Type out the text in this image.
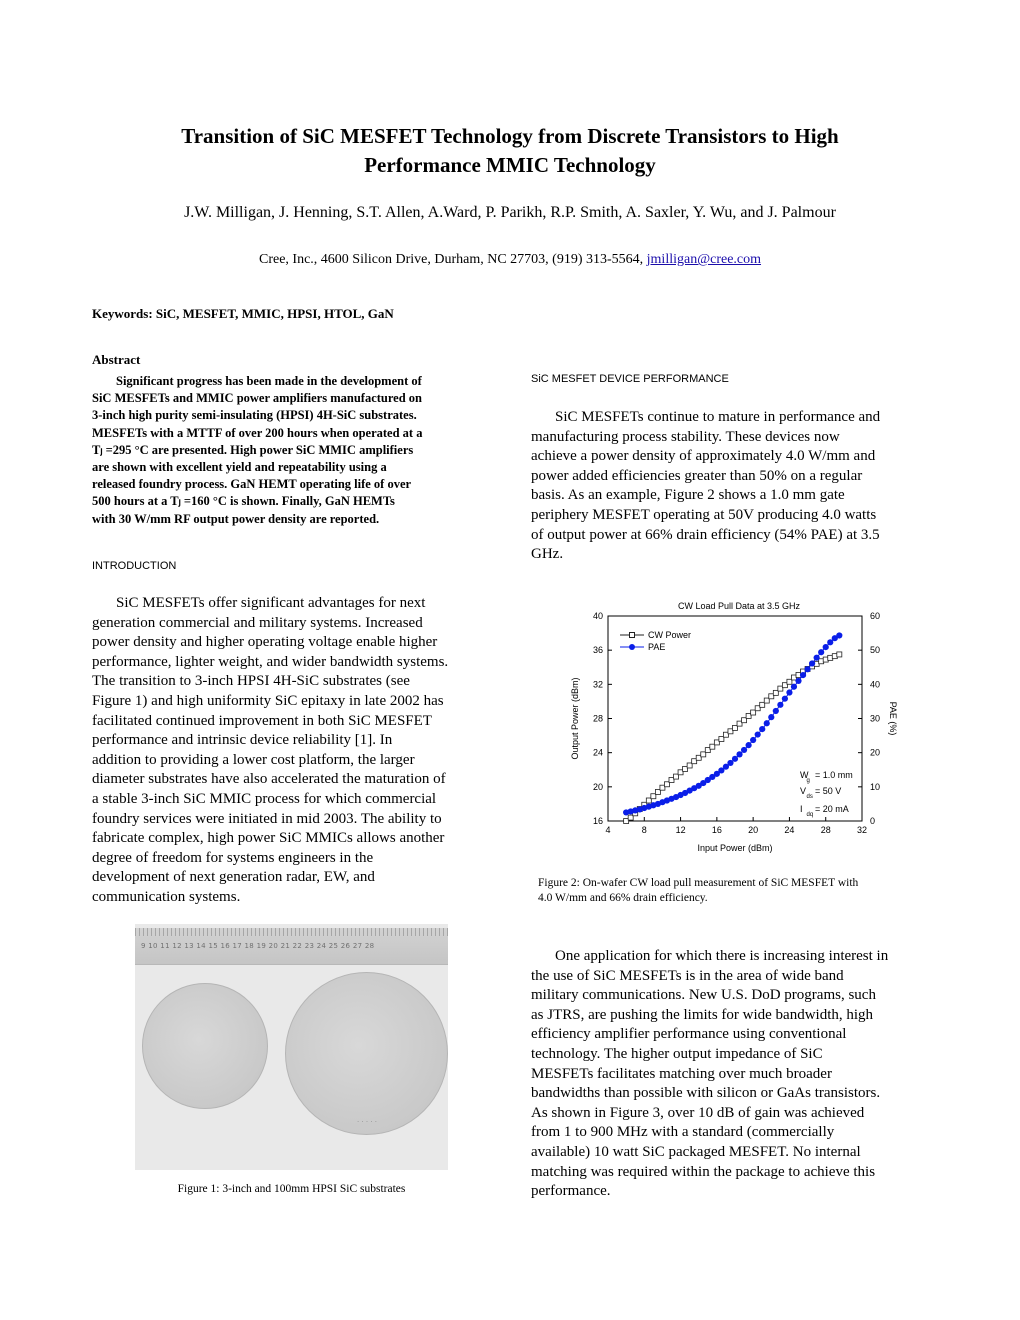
Transition of SiC MESFET Technology from Discrete Transistors to High
Performance MMIC Technology
J.W. Milligan, J. Henning, S.T. Allen, A.Ward, P. Parikh, R.P. Smith, A. Saxler, Y. Wu, and J. Palmour
Cree, Inc., 4600 Silicon Drive, Durham, NC 27703, (919) 313-5564, jmilligan@cree.com
Keywords: SiC, MESFET, MMIC, HPSI, HTOL, GaN
Abstract
Significant progress has been made in the development of
SiC MESFETs and MMIC power amplifiers manufactured on
3-inch high purity semi-insulating (HPSI) 4H-SiC substrates.
MESFETs with a MTTF of over 200 hours when operated at a
Tⱼ =295 °C are presented. High power SiC MMIC amplifiers
are shown with excellent yield and repeatability using a
released foundry process. GaN HEMT operating life of over
500 hours at a Tⱼ =160 °C is shown. Finally, GaN HEMTs
with 30 W/mm RF output power density are reported.
INTRODUCTION
SiC MESFETs offer significant advantages for next
generation commercial and military systems. Increased
power density and higher operating voltage enable higher
performance, lighter weight, and wider bandwidth systems.
The transition to 3-inch HPSI 4H-SiC substrates (see
Figure 1) and high uniformity SiC epitaxy in late 2002 has
facilitated continued improvement in both SiC MESFET
performance and intrinsic device reliability [1]. In
addition to providing a lower cost platform, the larger
diameter substrates have also accelerated the maturation of
a stable 3-inch SiC MMIC process for which commercial
foundry services were initiated in mid 2003. The ability to
fabricate complex, high power SiC MMICs allows another
degree of freedom for systems engineers in the
development of next generation radar, EW, and
communication systems.
9 10 11 12 13 14 15 16 17 18 19 20 21 22 23 24 25 26 27 28
· · · · ·
Figure 1: 3-inch and 100mm HPSI SiC substrates
SiC MESFET DEVICE PERFORMANCE
SiC MESFETs continue to mature in performance and
manufacturing process stability. These devices now
achieve a power density of approximately 4.0 W/mm and
power added efficiencies greater than 50% on a regular
basis. As an example, Figure 2 shows a 1.0 mm gate
periphery MESFET operating at 50V producing 4.0 watts
of output power at 66% drain efficiency (54% PAE) at 3.5
GHz.
CW Load Pull Data at 3.5 GHz
4	8	12	16	20	24	28	32
16
20
24
28
32
36
40
0
10
20
30
40
50
60
Input Power (dBm)
Output Power (dBm)	PAE (%)
CW Power
PAE
W
g
= 1.0 mm
V
ds
= 50 V
I
dq
= 20 mA
Figure 2: On-wafer CW load pull measurement of SiC MESFET with
4.0 W/mm and 66% drain efficiency.
One application for which there is increasing interest in
the use of SiC MESFETs is in the area of wide band
military communications. New U.S. DoD programs, such
as JTRS, are pushing the limits for wide bandwidth, high
efficiency amplifier performance using conventional
technology. The higher output impedance of SiC
MESFETs facilitates matching over much broader
bandwidths than possible with silicon or GaAs transistors.
As shown in Figure 3, over 10 dB of gain was achieved
from 1 to 900 MHz with a standard (commercially
available) 10 watt SiC packaged MESFET. No internal
matching was required within the package to achieve this
performance.
